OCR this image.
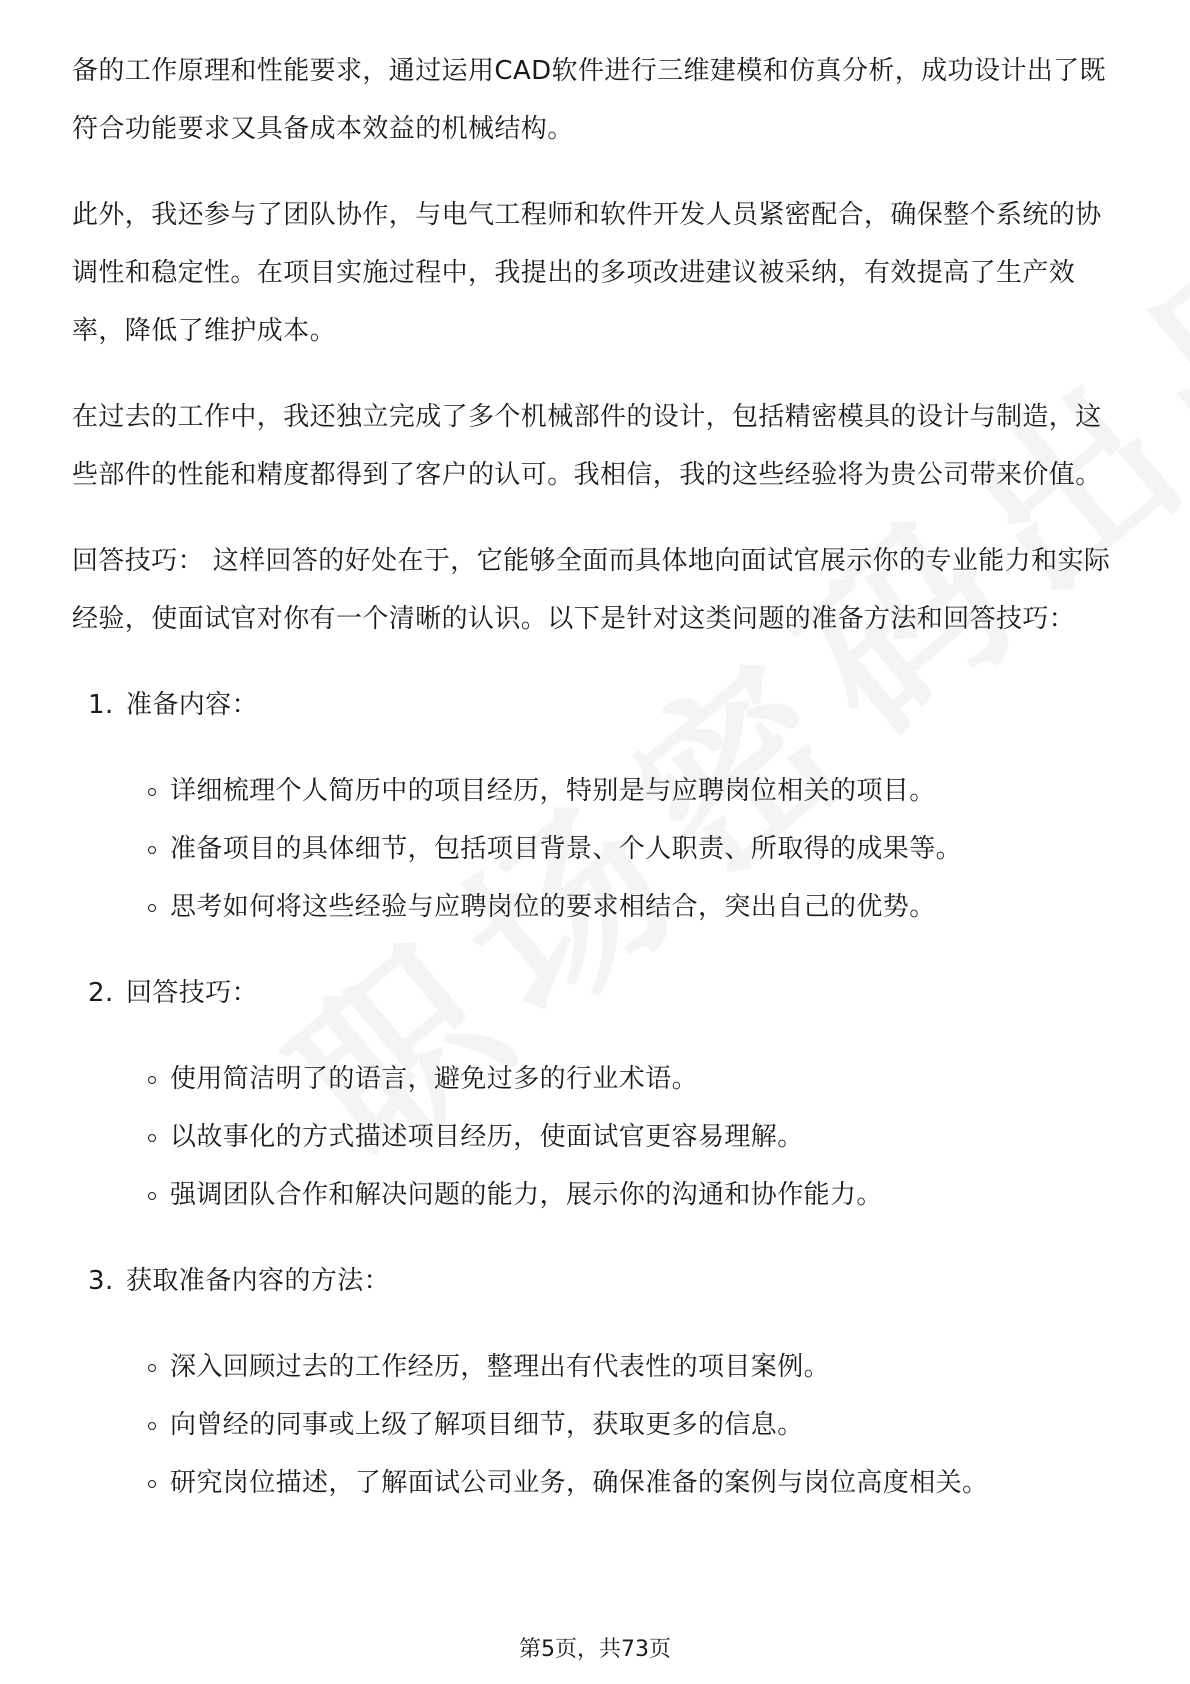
备的工作原理和性能要求，通过运用CAD软件进行三维建模和仿真分析，成功设计出了既符合功能要求又具备成本效益的机械结构。

此外，我还参与了团队协作，与电气工程师和软件开发人员紧密配合，确保整个系统的协调性和稳定性。在项目实施过程中，我提出的多项改进建议被采纳，有效提高了生产效率，降低了维护成本。

在过去的工作中，我还独立完成了多个机械部件的设计，包括精密模具的设计与制造，这些部件的性能和精度都得到了客户的认可。我相信，我的这些经验将为贵公司带来价值。

回答技巧： 这样回答的好处在于，它能够全面而具体地向面试官展示你的专业能力和实际经验，使面试官对你有一个清晰的认识。以下是针对这类问题的准备方法和回答技巧：

1. 准备内容：
详细梳理个人简历中的项目经历，特别是与应聘岗位相关的项目。
准备项目的具体细节，包括项目背景、个人职责、所取得的成果等。
思考如何将这些经验与应聘岗位的要求相结合，突出自己的优势。
2. 回答技巧：
使用简洁明了的语言，避免过多的行业术语。
以故事化的方式描述项目经历，使面试官更容易理解。
强调团队合作和解决问题的能力，展示你的沟通和协作能力。
3. 获取准备内容的方法：
深入回顾过去的工作经历，整理出有代表性的项目案例。
向曾经的同事或上级了解项目细节，获取更多的信息。
研究岗位描述，了解面试公司业务，确保准备的案例与岗位高度相关。
第5页，共73页
